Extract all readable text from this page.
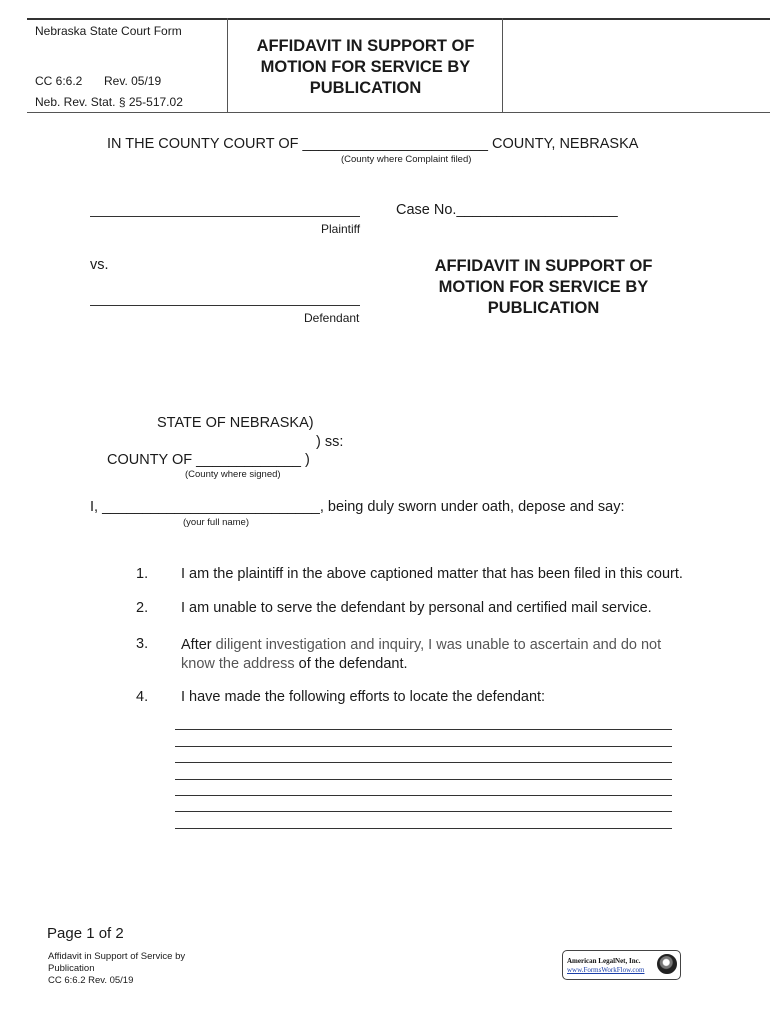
Nebraska State Court Form
CC 6:6.2 Rev. 05/19
Neb. Rev. Stat. § 25-517.02
AFFIDAVIT IN SUPPORT OF
MOTION FOR SERVICE BY
PUBLICATION
IN THE COUNTY COURT OF _______________________ COUNTY, NEBRASKA
(County where Complaint filed)
Plaintiff
Case No.____________________
vs.
Defendant
AFFIDAVIT IN SUPPORT OF
MOTION FOR SERVICE BY
PUBLICATION
STATE OF NEBRASKA)
) ss:
COUNTY OF _____________ )
(County where signed)
I, ___________________________, being duly sworn under oath, depose and say:
(your full name)
1. I am the plaintiff in the above captioned matter that has been filed in this court.
2. I am unable to serve the defendant by personal and certified mail service.
3. After diligent investigation and inquiry, I was unable to ascertain and do not
know the address of the defendant.
4. I have made the following efforts to locate the defendant:
Page 1 of 2
Affidavit in Support of Service by
Publication
CC 6:6.2 Rev. 05/19
American LegalNet, Inc.
www.FormsWorkFlow.com
